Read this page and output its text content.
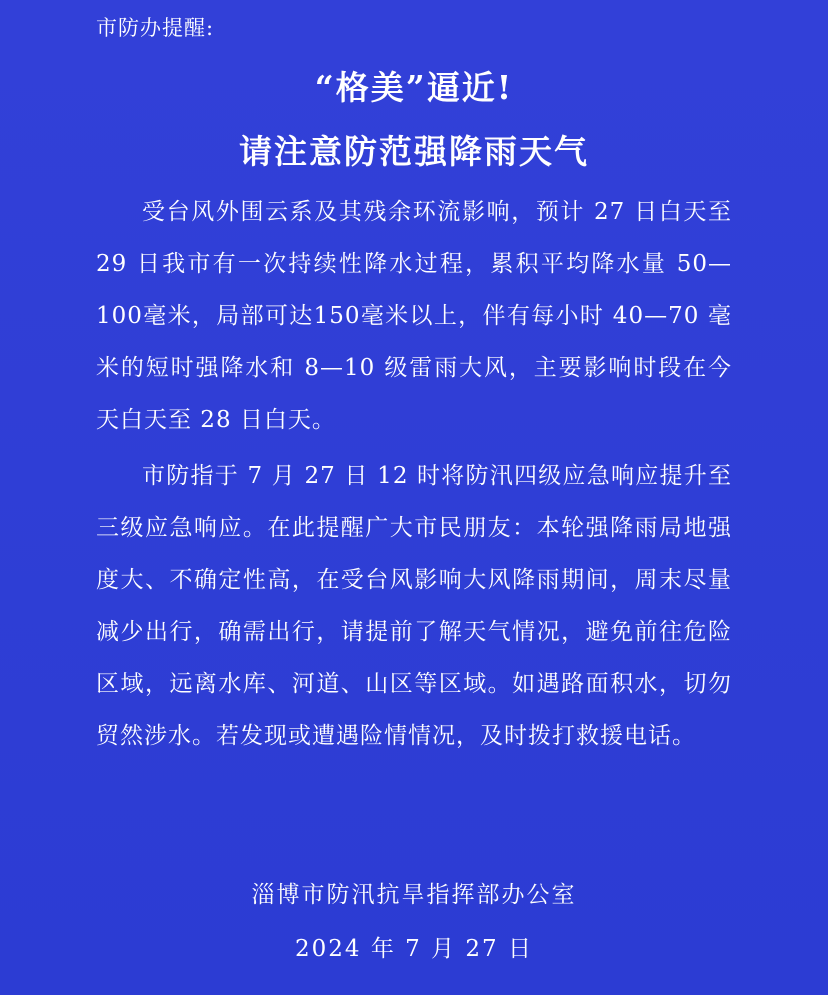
市防办提醒:
“格美”逼近!
请注意防范强降雨天气
受台风外围云系及其残余环流影响，预计 27 日白天至 29 日我市有一次持续性降水过程，累积平均降水量 50—100毫米，局部可达150毫米以上，伴有每小时 40—70 毫米的短时强降水和 8—10 级雷雨大风，主要影响时段在今天白天至 28 日白天。
市防指于 7 月 27 日 12 时将防汛四级应急响应提升至三级应急响应。在此提醒广大市民朋友：本轮强降雨局地强度大、不确定性高，在受台风影响大风降雨期间，周末尽量减少出行，确需出行，请提前了解天气情况，避免前往危险区域，远离水库、河道、山区等区域。如遇路面积水，切勿贸然涉水。若发现或遭遇险情情况，及时拨打救援电话。
淄博市防汛抗旱指挥部办公室
2024 年 7 月 27 日
